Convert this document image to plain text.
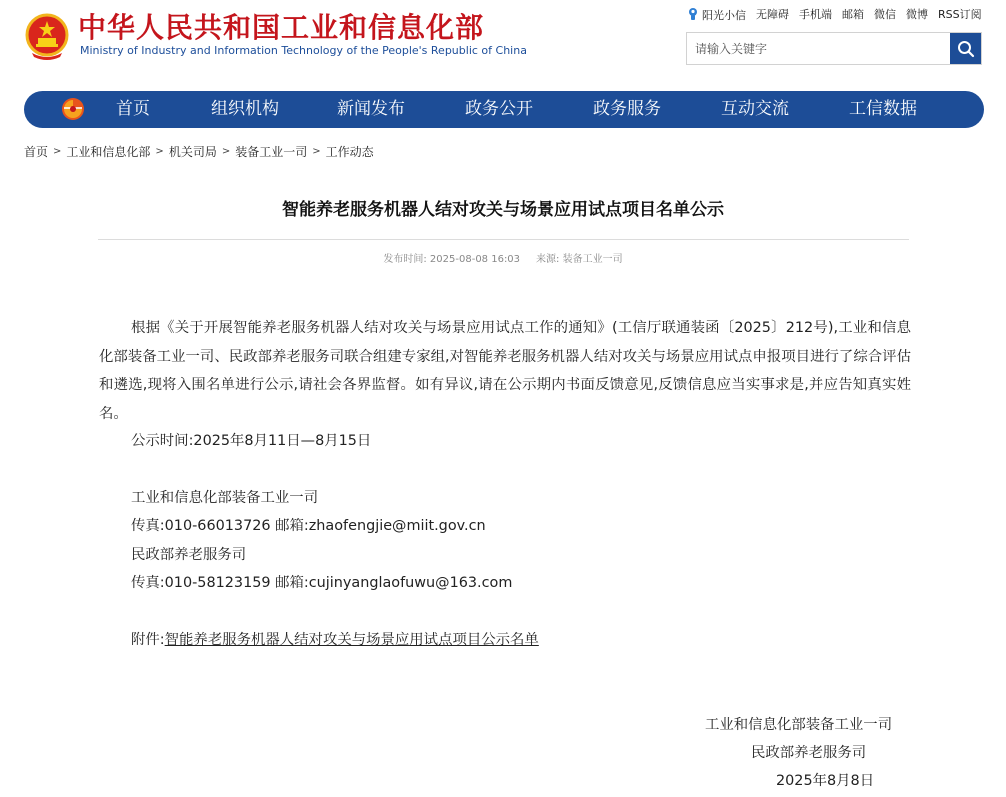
中华人民共和国工业和信息化部
Ministry of Industry and Information Technology of the People's Republic of China
阳光小信 无障碍 手机端 邮箱 微信 微博 RSS订阅
请输入关键字
首页	组织机构	新闻发布	政务公开	政务服务	互动交流	工信数据
首页 > 工业和信息化部 > 机关司局 > 装备工业一司 > 工作动态
智能养老服务机器人结对攻关与场景应用试点项目名单公示
发布时间: 2025-08-08 16:03 来源: 装备工业一司
根据《关于开展智能养老服务机器人结对攻关与场景应用试点工作的通知》(工信厅联通装函〔2025〕212号),工业和信息化部装备工业一司、民政部养老服务司联合组建专家组,对智能养老服务机器人结对攻关与场景应用试点申报项目进行了综合评估和遴选,现将入围名单进行公示,请社会各界监督。如有异议,请在公示期内书面反馈意见,反馈信息应当实事求是,并应告知真实姓名。
公示时间:2025年8月11日—8月15日
工业和信息化部装备工业一司
传真:010-66013726 邮箱:zhaofengjie@miit.gov.cn
民政部养老服务司
传真:010-58123159 邮箱:cujinyanglaofuwu@163.com
附件:智能养老服务机器人结对攻关与场景应用试点项目公示名单
工业和信息化部装备工业一司
民政部养老服务司
2025年8月8日
